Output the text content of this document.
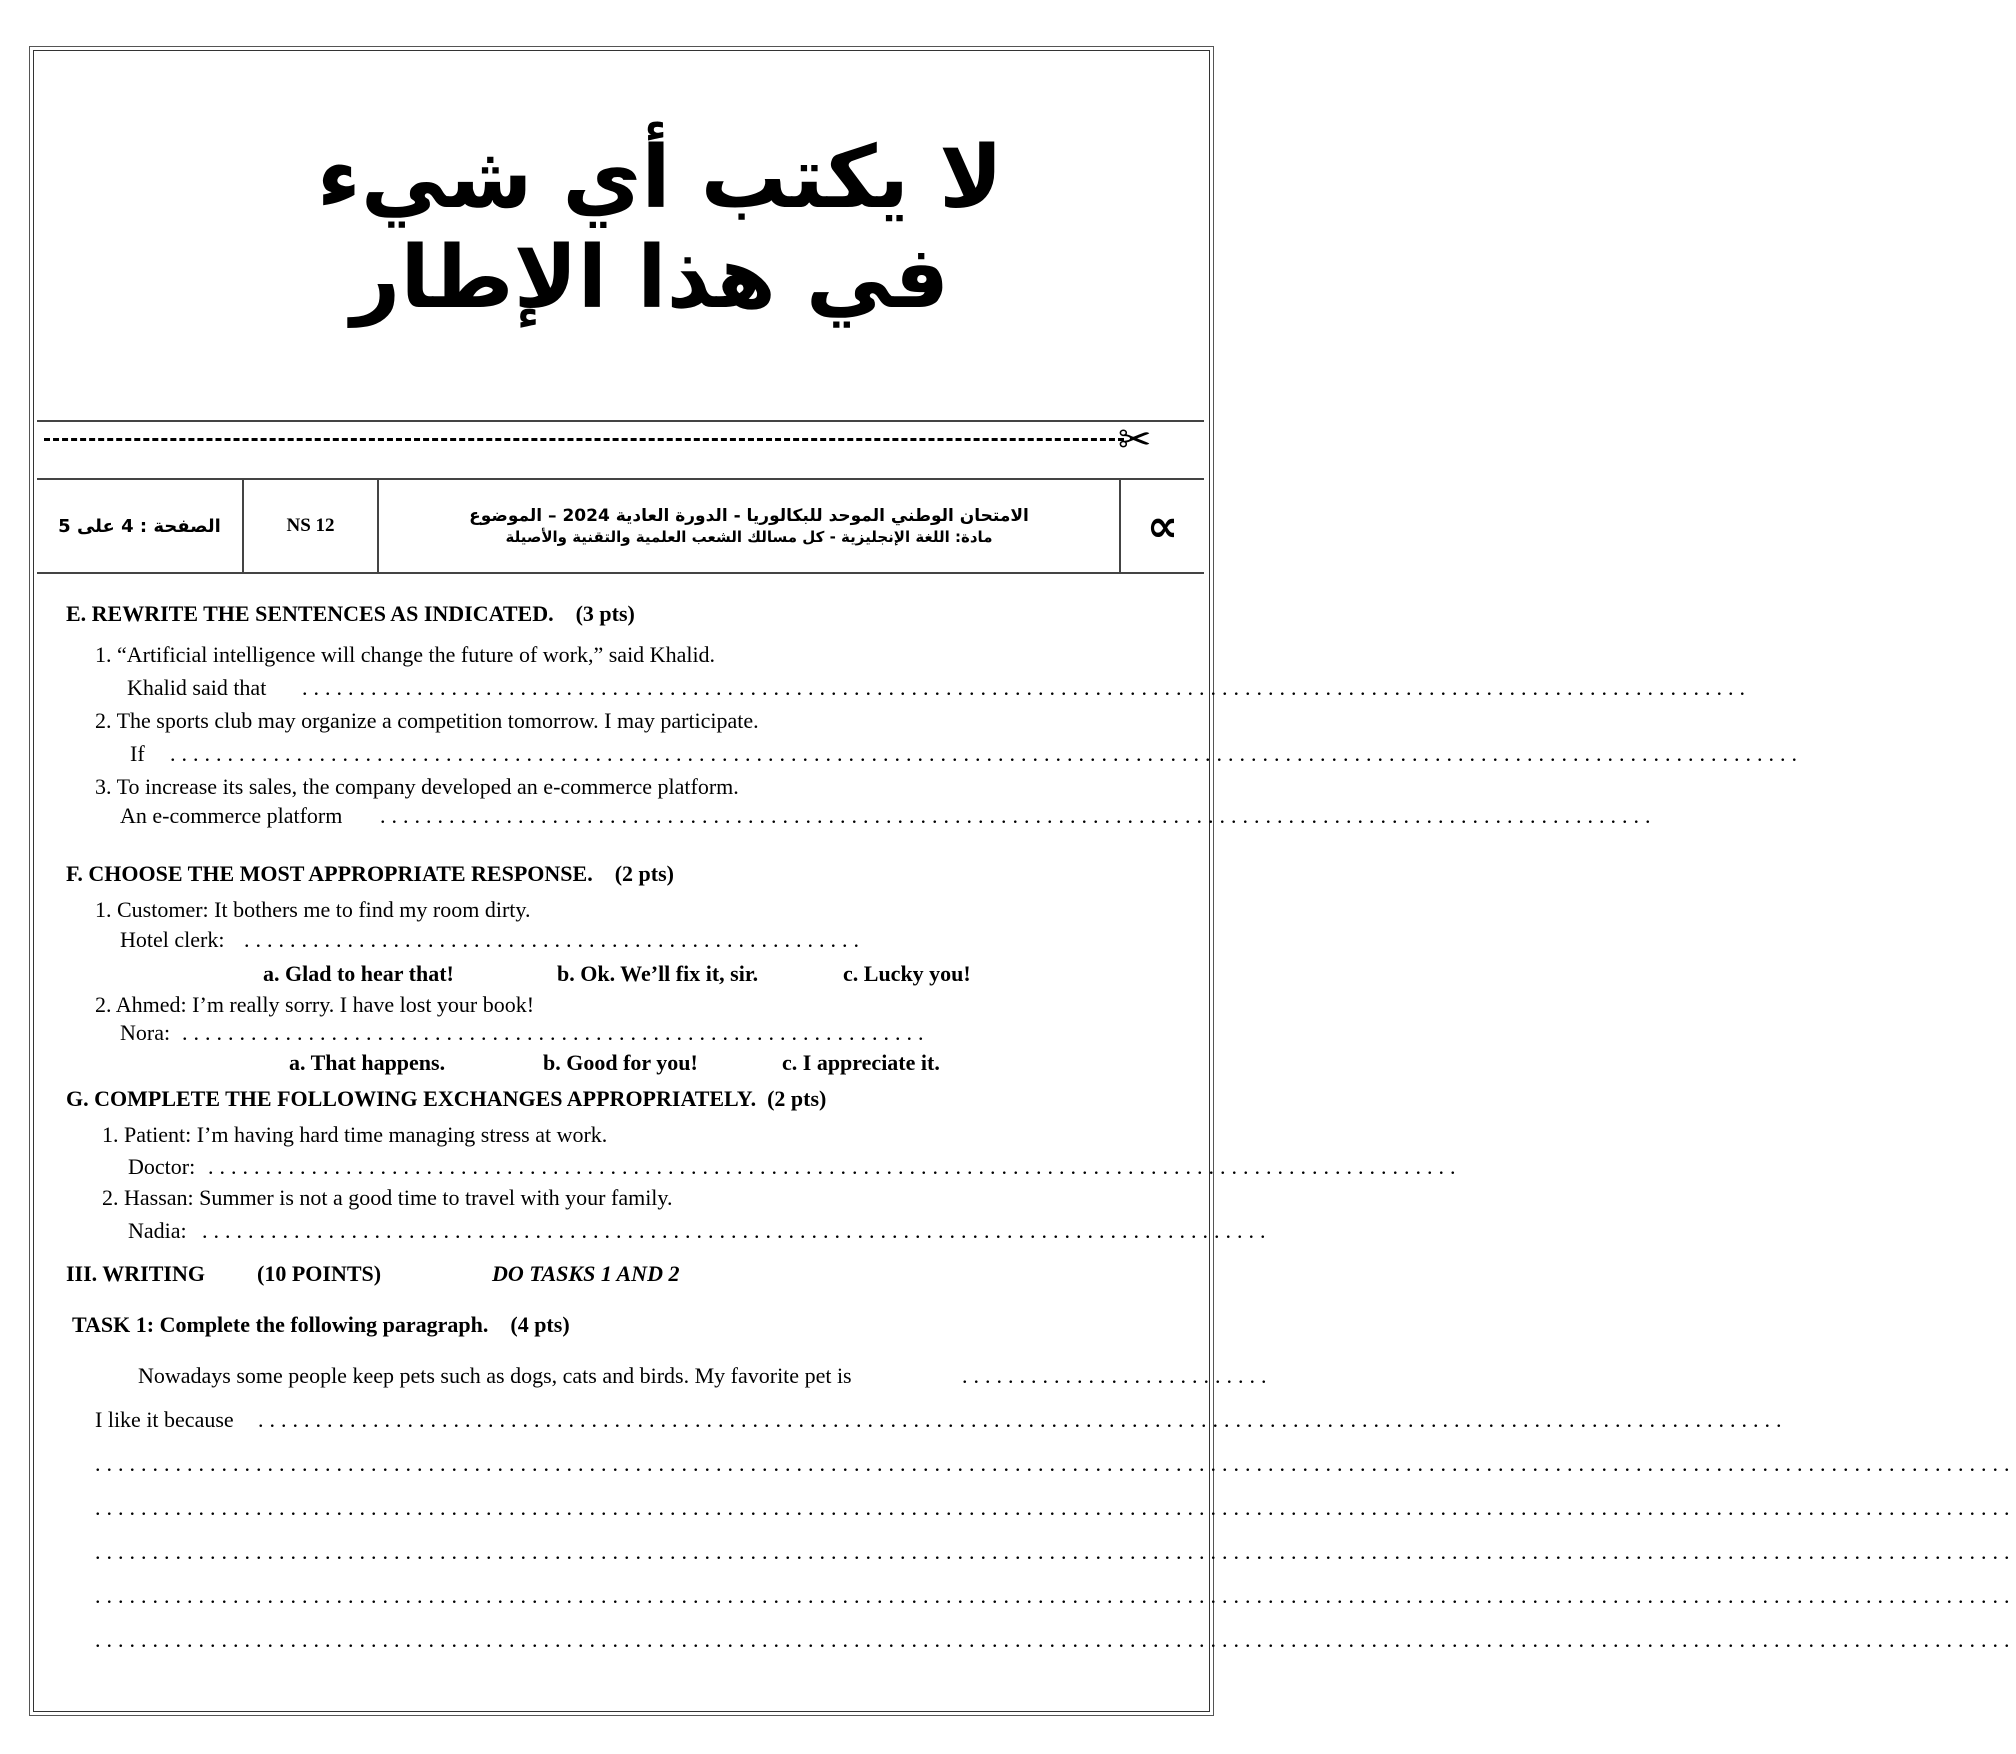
لا يكتب أي شيء
في هذا الإطار
✂
الصفحة : 4 على 5	NS 12	الامتحان الوطني الموحد للبكالوريا - الدورة العادية 2024 – الموضوع
مادة: اللغة الإنجليزية - كل مسالك الشعب العلمية والتقنية والأصيلة	∝
E. REWRITE THE SENTENCES AS INDICATED. (3 pts)
1. “Artificial intelligence will change the future of work,” said Khalid.
Khalid said that ..............................................................................................................................
2. The sports club may organize a competition tomorrow. I may participate.
If ..............................................................................................................................................
3. To increase its sales, the company developed an e-commerce platform.
An e-commerce platform ...............................................................................................................
F. CHOOSE THE MOST APPROPRIATE RESPONSE. (2 pts)
1. Customer: It bothers me to find my room dirty.
Hotel clerk: ......................................................
a. Glad to hear that!	b. Ok. We’ll fix it, sir.	c. Lucky you!
2. Ahmed: I’m really sorry. I have lost your book!
Nora: .................................................................
a. That happens.	b. Good for you!	c. I appreciate it.
G. COMPLETE THE FOLLOWING EXCHANGES APPROPRIATELY. (2 pts)
1. Patient: I’m having hard time managing stress at work.
Doctor: .............................................................................................................
2. Hassan: Summer is not a good time to travel with your family.
Nadia: .............................................................................................
III. WRITING (10 POINTS)	DO TASKS 1 AND 2
TASK 1: Complete the following paragraph. (4 pts)
Nowadays some people keep pets such as dogs, cats and birds. My favorite pet is	...........................
I like it because .....................................................................................................................................
.......................................................................................................................................................................
.......................................................................................................................................................................
.......................................................................................................................................................................
.......................................................................................................................................................................
.......................................................................................................................................................................
